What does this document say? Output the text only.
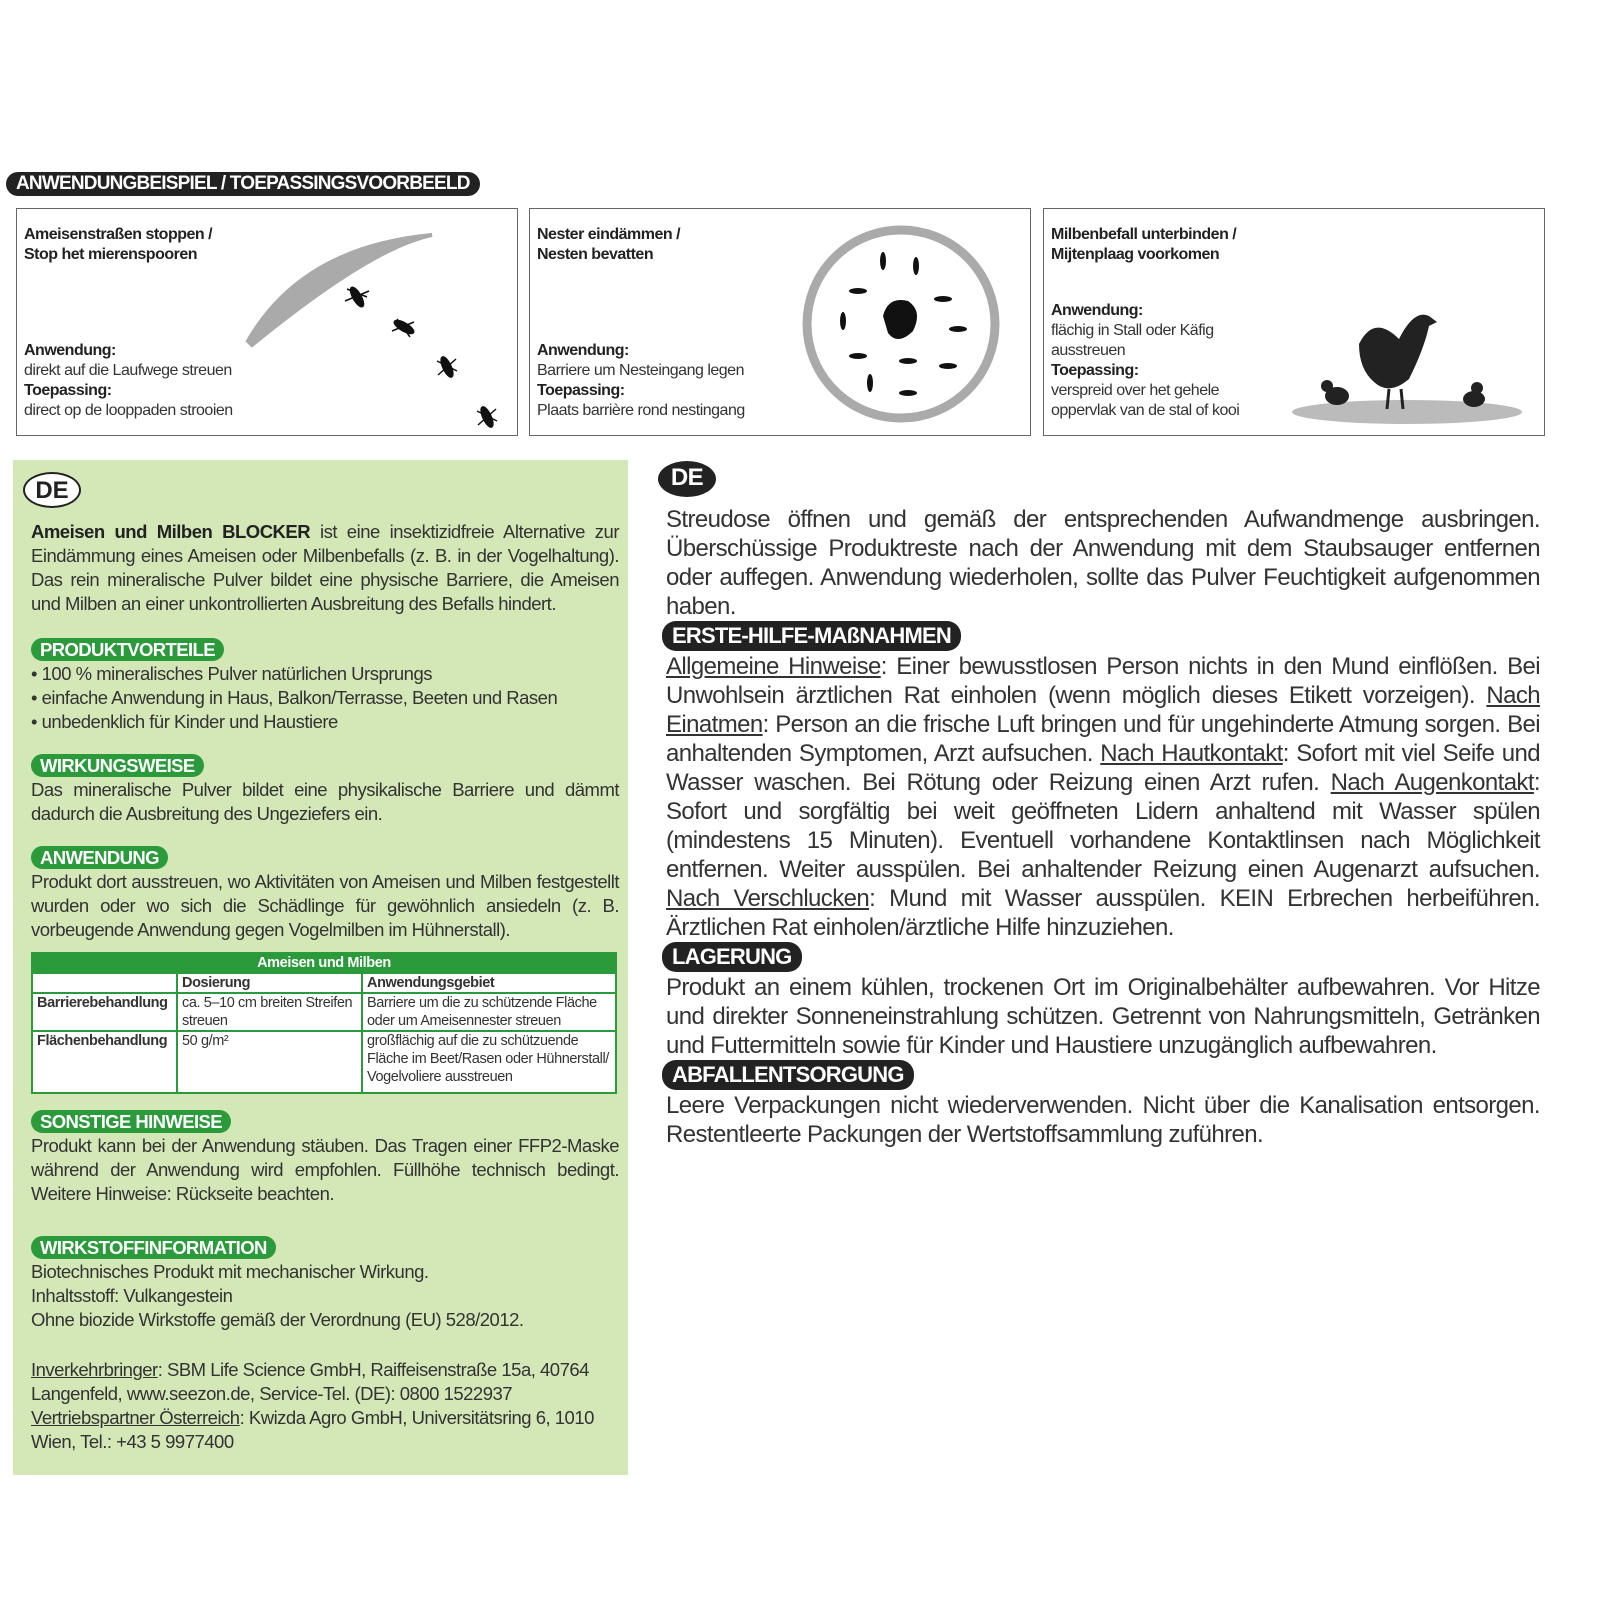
ANWENDUNGBEISPIEL / TOEPASSINGSVOORBEELD
Ameisenstraßen stoppen /
Stop het mierenspooren
Anwendung:
direkt auf die Laufwege streuen
Toepassing:
direct op de looppaden strooien
Nester eindämmen /
Nesten bevatten
Anwendung:
Barriere um Nesteingang legen
Toepassing:
Plaats barrière rond nestingang
Milbenbefall unterbinden /
Mijtenplaag voorkomen
Anwendung:
flächig in Stall oder Käfig
ausstreuen
Toepassing:
verspreid over het gehele
oppervlak van de stal of kooi
DE
Ameisen und Milben BLOCKER ist eine insektizidfreie Alternative zur Eindämmung eines Ameisen oder Milbenbefalls (z. B. in der Vogelhaltung). Das rein mineralische Pulver bildet eine physische Barriere, die Ameisen und Milben an einer unkontrollierten Ausbreitung des Befalls hindert.
PRODUKTVORTEILE
• 100 % mineralisches Pulver natürlichen Ursprungs
• einfache Anwendung in Haus, Balkon/Terrasse, Beeten und Rasen
• unbedenklich für Kinder und Haustiere
WIRKUNGSWEISE
Das mineralische Pulver bildet eine physikalische Barriere und dämmt dadurch die Ausbreitung des Ungeziefers ein.
ANWENDUNG
Produkt dort ausstreuen, wo Aktivitäten von Ameisen und Milben festgestellt wurden oder wo sich die Schädlinge für gewöhnlich ansiedeln (z. B. vorbeugende Anwendung gegen Vogelmilben im Hühnerstall).
Ameisen und Milben		
	Dosierung	Anwendungsgebiet
Barrierebehandlung	ca. 5–10 cm breiten Streifen streuen	Barriere um die zu schützende Fläche oder um Ameisennester streuen
Flächenbehandlung	50 g/m²	großflächig auf die zu schützuende Fläche im Beet/Rasen oder Hühnerstall/ Vogelvoliere ausstreuen
SONSTIGE HINWEISE
Produkt kann bei der Anwendung stäuben. Das Tragen einer FFP2-Maske während der Anwendung wird empfohlen. Füllhöhe technisch bedingt. Weitere Hinweise: Rückseite beachten.
WIRKSTOFFINFORMATION
Biotechnisches Produkt mit mechanischer Wirkung.
Inhaltsstoff: Vulkangestein
Ohne biozide Wirkstoffe gemäß der Verordnung (EU) 528/2012.
Inverkehrbringer: SBM Life Science GmbH, Raiffeisenstraße 15a, 40764 Langenfeld, www.seezon.de, Service-Tel. (DE): 0800 1522937
Vertriebspartner Österreich: Kwizda Agro GmbH, Universitätsring 6, 1010 Wien, Tel.: +43 5 9977400
DE
Streudose öffnen und gemäß der entsprechenden Aufwandmenge ausbringen. Überschüssige Produktreste nach der Anwendung mit dem Staubsauger entfernen oder auffegen. Anwendung wiederholen, sollte das Pulver Feuchtigkeit aufgenommen haben.
ERSTE-HILFE-MAßNAHMEN
Allgemeine Hinweise: Einer bewusstlosen Person nichts in den Mund einflößen. Bei Unwohlsein ärztlichen Rat einholen (wenn möglich dieses Etikett vorzeigen). Nach Einatmen: Person an die frische Luft bringen und für ungehinderte Atmung sorgen. Bei anhaltenden Symptomen, Arzt aufsuchen. Nach Hautkontakt: Sofort mit viel Seife und Wasser waschen. Bei Rötung oder Reizung einen Arzt rufen. Nach Augenkontakt: Sofort und sorgfältig bei weit geöffneten Lidern anhaltend mit Wasser spülen (mindestens 15 Minuten). Eventuell vorhandene Kontaktlinsen nach Möglichkeit entfernen. Weiter ausspülen. Bei anhaltender Reizung einen Augenarzt aufsuchen. Nach Verschlucken: Mund mit Wasser ausspülen. KEIN Erbrechen herbeiführen. Ärztlichen Rat einholen/ärztliche Hilfe hinzuziehen.
LAGERUNG
Produkt an einem kühlen, trockenen Ort im Originalbehälter aufbewahren. Vor Hitze und direkter Sonneneinstrahlung schützen. Getrennt von Nahrungsmitteln, Getränken und Futtermitteln sowie für Kinder und Haustiere unzugänglich aufbewahren.
ABFALLENTSORGUNG
Leere Verpackungen nicht wiederverwenden. Nicht über die Kanalisation entsorgen. Restentleerte Packungen der Wertstoffsammlung zuführen.
